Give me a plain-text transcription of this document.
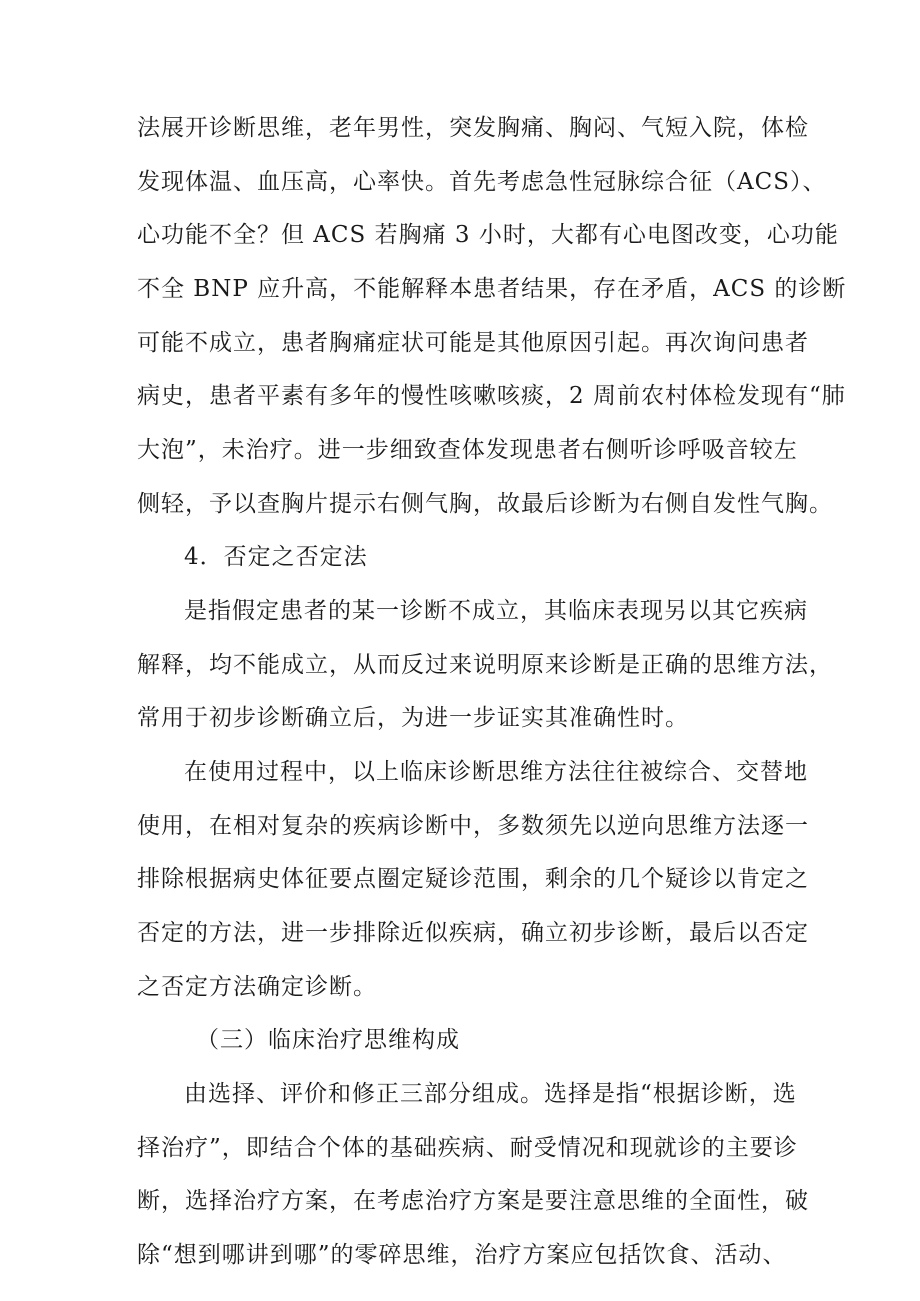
法展开诊断思维，老年男性，突发胸痛、胸闷、气短入院，体检
发现体温、血压高，心率快。首先考虑急性冠脉综合征（ACS）、
心功能不全？但 ACS 若胸痛 3 小时，大都有心电图改变，心功能
不全 BNP 应升高，不能解释本患者结果，存在矛盾，ACS 的诊断
可能不成立，患者胸痛症状可能是其他原因引起。再次询问患者
病史，患者平素有多年的慢性咳嗽咳痰，2 周前农村体检发现有“肺
大泡”，未治疗。进一步细致查体发现患者右侧听诊呼吸音较左
侧轻，予以查胸片提示右侧气胸，故最后诊断为右侧自发性气胸。
4．否定之否定法
是指假定患者的某一诊断不成立，其临床表现另以其它疾病
解释，均不能成立，从而反过来说明原来诊断是正确的思维方法，
常用于初步诊断确立后，为进一步证实其准确性时。
在使用过程中，以上临床诊断思维方法往往被综合、交替地
使用，在相对复杂的疾病诊断中，多数须先以逆向思维方法逐一
排除根据病史体征要点圈定疑诊范围，剩余的几个疑诊以肯定之
否定的方法，进一步排除近似疾病，确立初步诊断，最后以否定
之否定方法确定诊断。
（三）临床治疗思维构成
由选择、评价和修正三部分组成。选择是指“根据诊断，选
择治疗”，即结合个体的基础疾病、耐受情况和现就诊的主要诊
断，选择治疗方案，在考虑治疗方案是要注意思维的全面性，破
除“想到哪讲到哪”的零碎思维，治疗方案应包括饮食、活动、
